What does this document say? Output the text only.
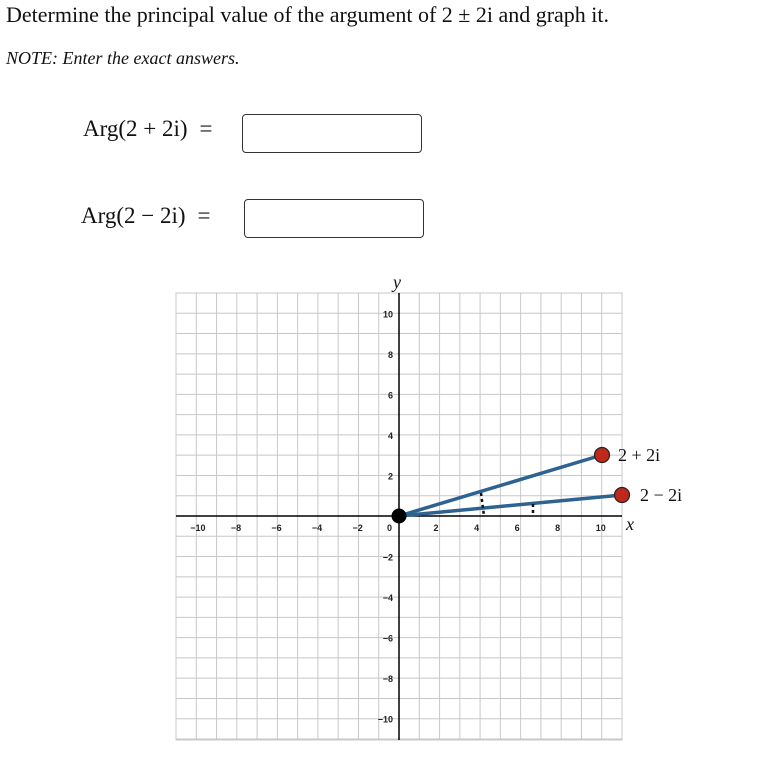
Determine the principal value of the argument of 2 ± 2i and graph it.
NOTE: Enter the exact answers.
Arg(2 + 2i) =
Arg(2 − 2i) =
−10	−8	−6	−4	−2	0	2	4	6	8	10
10
8
6
4
2
−2
−4
−6
−8
−10
y
x
2 + 2i
2 − 2i
